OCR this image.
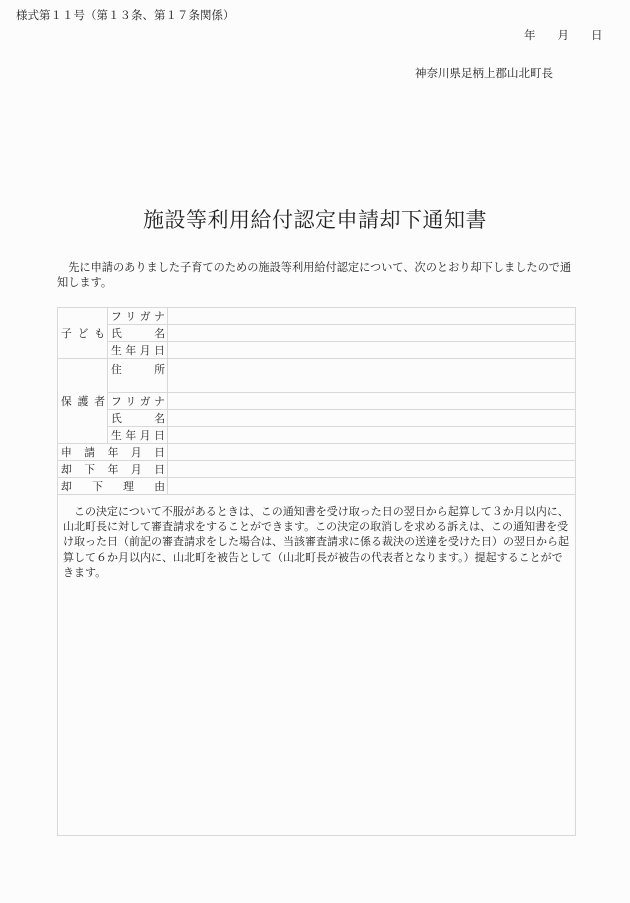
様式第１１号（第１３条、第１７条関係）
年 月 日
神奈川県足柄上郡山北町長
施設等利用給付認定申請却下通知書
先に申請のありました子育てのための施設等利用給付認定について、次のとおり却下しましたので通知します。
子 ど も
フ リ ガ ナ
氏	名
生 年 月 日
保 護 者
住	所
フ リ ガ ナ
氏	名
生 年 月 日
申 請 年 月 日
却 下 年 月 日
却 下 理 由
この決定について不服があるときは、この通知書を受け取った日の翌日から起算して３か月以内に、山北町長に対して審査請求をすることができます。この決定の取消しを求める訴えは、この通知書を受け取った日（前記の審査請求をした場合は、当該審査請求に係る裁決の送達を受けた日）の翌日から起算して６か月以内に、山北町を被告として（山北町長が被告の代表者となります。）提起することができます。
